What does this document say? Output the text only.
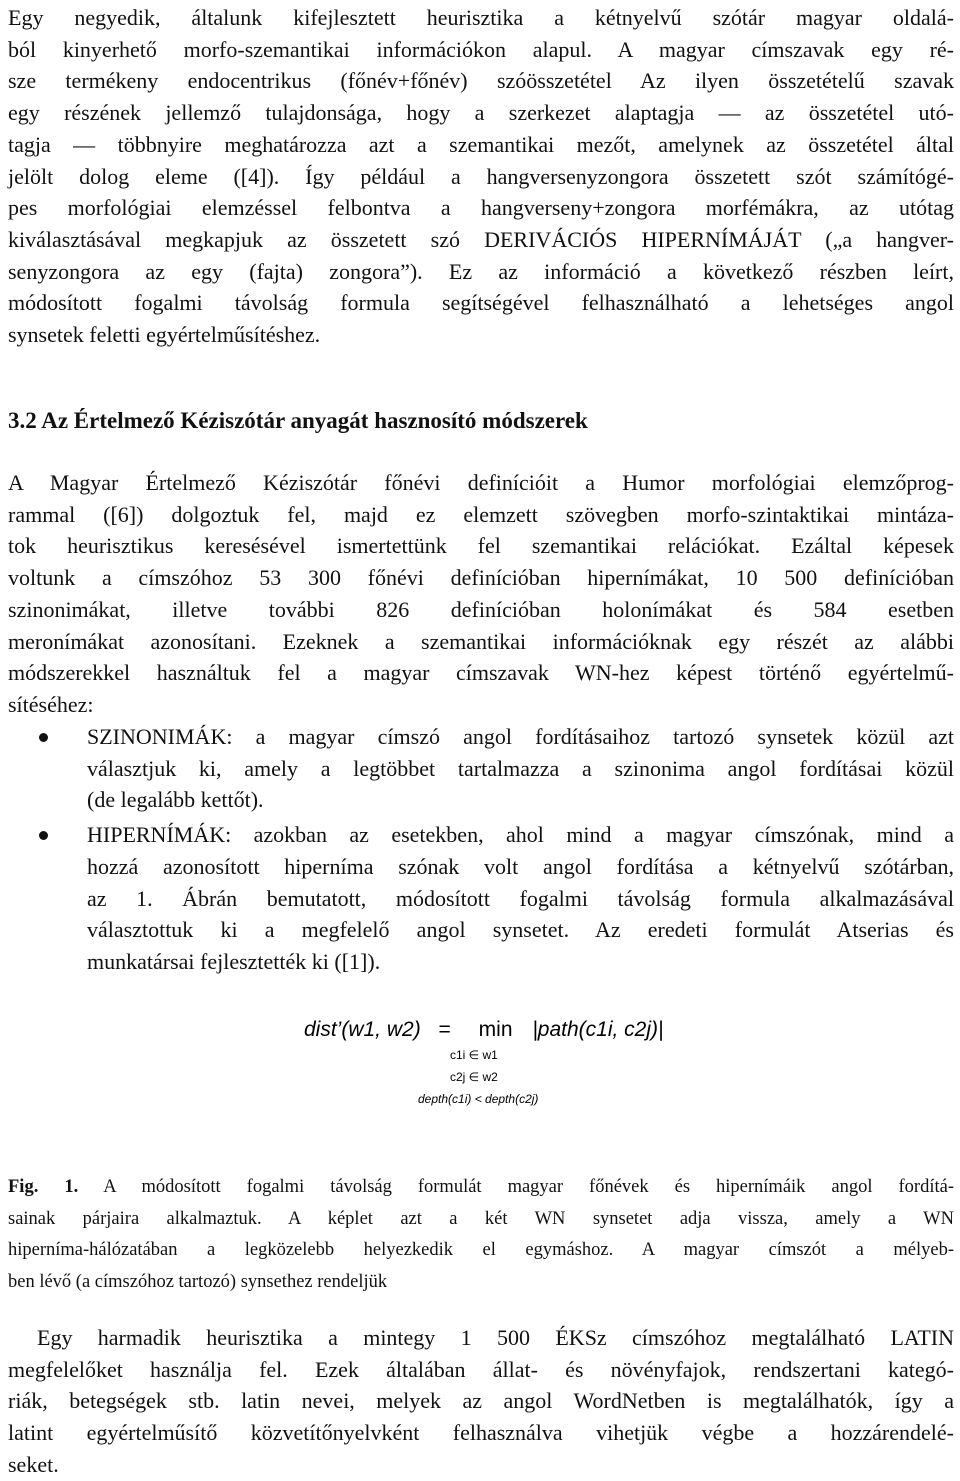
Egy negyedik, általunk kifejlesztett heurisztika a kétnyelvű szótár magyar oldalá-
ból kinyerhető morfo-szemantikai információkon alapul. A magyar címszavak egy ré-
sze termékeny endocentrikus (főnév+főnév) szóösszetétel Az ilyen összetételű szavak
egy részének jellemző tulajdonsága, hogy a szerkezet alaptagja — az összetétel utó-
tagja — többnyire meghatározza azt a szemantikai mezőt, amelynek az összetétel által
jelölt dolog eleme ([4]). Így például a hangversenyzongora összetett szót számítógé-
pes morfológiai elemzéssel felbontva a hangverseny+zongora morfémákra, az utótag
kiválasztásával megkapjuk az összetett szó DERIVÁCIÓS HIPERNÍMÁJÁT („a hangver-
senyzongora az egy (fajta) zongora”). Ez az információ a következő részben leírt,
módosított fogalmi távolság formula segítségével felhasználható a lehetséges angol
synsetek feletti egyértelműsítéshez.
3.2 Az Értelmező Kéziszótár anyagát hasznosító módszerek
A Magyar Értelmező Kéziszótár főnévi definícióit a Humor morfológiai elemzőprog-
rammal ([6]) dolgoztuk fel, majd ez elemzett szövegben morfo-szintaktikai mintáza-
tok heurisztikus keresésével ismertettünk fel szemantikai relációkat. Ezáltal képesek
voltunk a címszóhoz 53 300 főnévi definícióban hipernímákat, 10 500 definícióban
szinonimákat, illetve további 826 definícióban holonímákat és 584 esetben
meronímákat azonosítani. Ezeknek a szemantikai információknak egy részét az alábbi
módszerekkel használtuk fel a magyar címszavak WN-hez képest történő egyértelmű-
sítéséhez:
SZINONIMÁK: a magyar címszó angol fordításaihoz tartozó synsetek közül azt
választjuk ki, amely a legtöbbet tartalmazza a szinonima angol fordításai közül
(de legalább kettőt).
HIPERNÍMÁK: azokban az esetekben, ahol mind a magyar címszónak, mind a
hozzá azonosított hiperníma szónak volt angol fordítása a kétnyelvű szótárban,
az 1. Ábrán bemutatott, módosított fogalmi távolság formula alkalmazásával
választottuk ki a megfelelő angol synsetet. Az eredeti formulát Atserias és
munkatársai fejlesztették ki ([1]).
dist’(w1, w2) = min |path(c1i, c2j)|
c1i ∈ w1
c2j ∈ w2
depth(c1i) < depth(c2j)
Fig. 1. A módosított fogalmi távolság formulát magyar főnévek és hipernímáik angol fordítá-
sainak párjaira alkalmaztuk. A képlet azt a két WN synsetet adja vissza, amely a WN
hiperníma-hálózatában a legközelebb helyezkedik el egymáshoz. A magyar címszót a mélyeb-
ben lévő (a címszóhoz tartozó) synsethez rendeljük
Egy harmadik heurisztika a mintegy 1 500 ÉKSz címszóhoz megtalálható LATIN
megfelelőket használja fel. Ezek általában állat- és növényfajok, rendszertani kategó-
riák, betegségek stb. latin nevei, melyek az angol WordNetben is megtalálhatók, így a
latint egyértelműsítő közvetítőnyelvként felhasználva vihetjük végbe a hozzárendelé-
seket.
